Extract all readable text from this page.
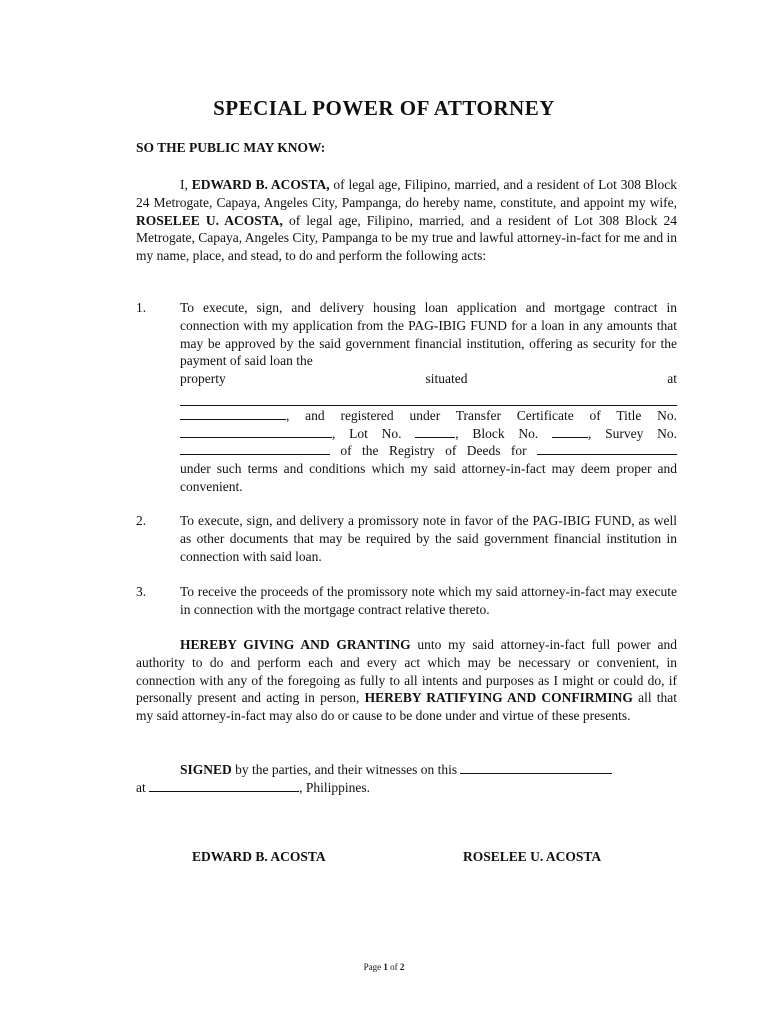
SPECIAL POWER OF ATTORNEY
SO THE PUBLIC MAY KNOW:
I, EDWARD B. ACOSTA, of legal age, Filipino, married, and a resident of Lot 308 Block 24 Metrogate, Capaya, Angeles City, Pampanga, do hereby name, constitute, and appoint my wife, ROSELEE U. ACOSTA, of legal age, Filipino, married, and a resident of Lot 308 Block 24 Metrogate, Capaya, Angeles City, Pampanga to be my true and lawful attorney-in-fact for me and in my name, place, and stead, to do and perform the following acts:
1.	To execute, sign, and delivery housing loan application and mortgage contract in connection with my application from the PAG-IBIG FUND for a loan in any amounts that may be approved by the said government financial institution, offering as security for the payment of said loan the
property	situated	at
, and registered under Transfer Certificate of Title No.
, Lot No.	, Block No.	, Survey No.
of the Registry of Deeds for
under such terms and conditions which my said attorney-in-fact may deem proper and convenient.
2.	To execute, sign, and delivery a promissory note in favor of the PAG-IBIG FUND, as well as other documents that may be required by the said government financial institution in connection with said loan.
3.	To receive the proceeds of the promissory note which my said attorney-in-fact may execute in connection with the mortgage contract relative thereto.
HEREBY GIVING AND GRANTING unto my said attorney-in-fact full power and authority to do and perform each and every act which may be necessary or convenient, in connection with any of the foregoing as fully to all intents and purposes as I might or could do, if personally present and acting in person, HEREBY RATIFYING AND CONFIRMING all that my said attorney-in-fact may also do or cause to be done under and virtue of these presents.
SIGNED by the parties, and their witnesses on this
at	, Philippines.
EDWARD B. ACOSTA	ROSELEE U. ACOSTA
Page 1 of 2
